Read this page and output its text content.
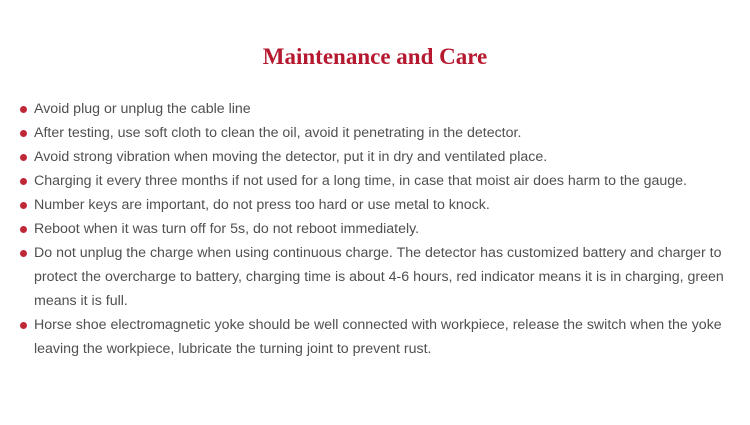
Maintenance and Care
Avoid plug or unplug the cable line
After testing, use soft cloth to clean the oil, avoid it penetrating in the detector.
Avoid strong vibration when moving the detector, put it in dry and ventilated place.
Charging it every three months if not used for a long time, in case that moist air does harm to the gauge.
Number keys are important, do not press too hard or use metal to knock.
Reboot when it was turn off for 5s, do not reboot immediately.
Do not unplug the charge when using continuous charge. The detector has customized battery and charger to protect the overcharge to battery, charging time is about 4-6 hours, red indicator means it is in charging, green means it is full.
Horse shoe electromagnetic yoke should be well connected with workpiece, release the switch when the yoke leaving the workpiece, lubricate the turning joint to prevent rust.
